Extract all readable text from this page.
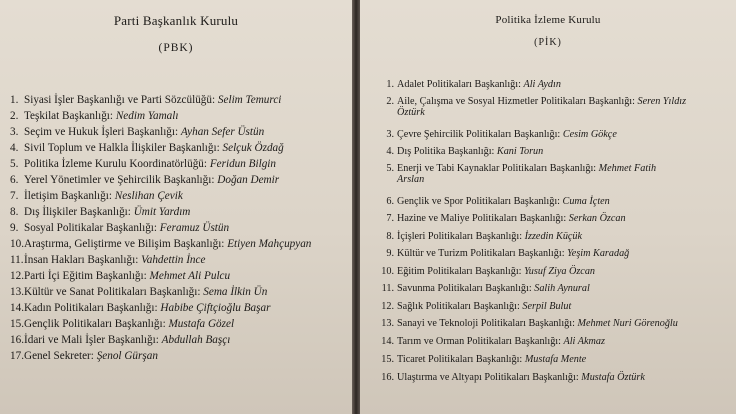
Parti Başkanlık Kurulu
(PBK)
1. Siyasi İşler Başkanlığı ve Parti Sözcülüğü: Selim Temurci
2. Teşkilat Başkanlığı: Nedim Yamalı
3. Seçim ve Hukuk İşleri Başkanlığı: Ayhan Sefer Üstün
4. Sivil Toplum ve Halkla İlişkiler Başkanlığı: Selçuk Özdağ
5. Politika İzleme Kurulu Koordinatörlüğü: Feridun Bilgin
6. Yerel Yönetimler ve Şehircilik Başkanlığı: Doğan Demir
7. İletişim Başkanlığı: Neslihan Çevik
8. Dış İlişkiler Başkanlığı: Ümit Yardım
9. Sosyal Politikalar Başkanlığı: Feramuz Üstün
10.Araştırma, Geliştirme ve Bilişim Başkanlığı: Etiyen Mahçupyan
11.İnsan Hakları Başkanlığı: Vahdettin İnce
12.Parti İçi Eğitim Başkanlığı: Mehmet Ali Pulcu
13.Kültür ve Sanat Politikaları Başkanlığı: Sema İlkin Ün
14.Kadın Politikaları Başkanlığı: Habibe Çiftçioğlu Başar
15.Gençlik Politikaları Başkanlığı: Mustafa Gözel
16.İdari ve Mali İşler Başkanlığı: Abdullah Başçı
17.Genel Sekreter: Şenol Gürşan
Politika İzleme Kurulu
(PİK)
1. Adalet Politikaları Başkanlığı: Ali Aydın
2. Aile, Çalışma ve Sosyal Hizmetler Politikaları Başkanlığı: Seren Yıldız
Öztürk
3. Çevre Şehircilik Politikaları Başkanlığı: Cesim Gökçe
4. Dış Politika Başkanlığı: Kani Torun
5. Enerji ve Tabi Kaynaklar Politikaları Başkanlığı: Mehmet Fatih
Arslan
6. Gençlik ve Spor Politikaları Başkanlığı: Cuma İçten
7. Hazine ve Maliye Politikaları Başkanlığı: Serkan Özcan
8. İçişleri Politikaları Başkanlığı: İzzedin Küçük
9. Kültür ve Turizm Politikaları Başkanlığı: Yeşim Karadağ
10. Eğitim Politikaları Başkanlığı: Yusuf Ziya Özcan
11. Savunma Politikaları Başkanlığı: Salih Aynural
12. Sağlık Politikaları Başkanlığı: Serpil Bulut
13. Sanayi ve Teknoloji Politikaları Başkanlığı: Mehmet Nuri Görenoğlu
14. Tarım ve Orman Politikaları Başkanlığı: Ali Akmaz
15. Ticaret Politikaları Başkanlığı: Mustafa Mente
16. Ulaştırma ve Altyapı Politikaları Başkanlığı: Mustafa Öztürk
